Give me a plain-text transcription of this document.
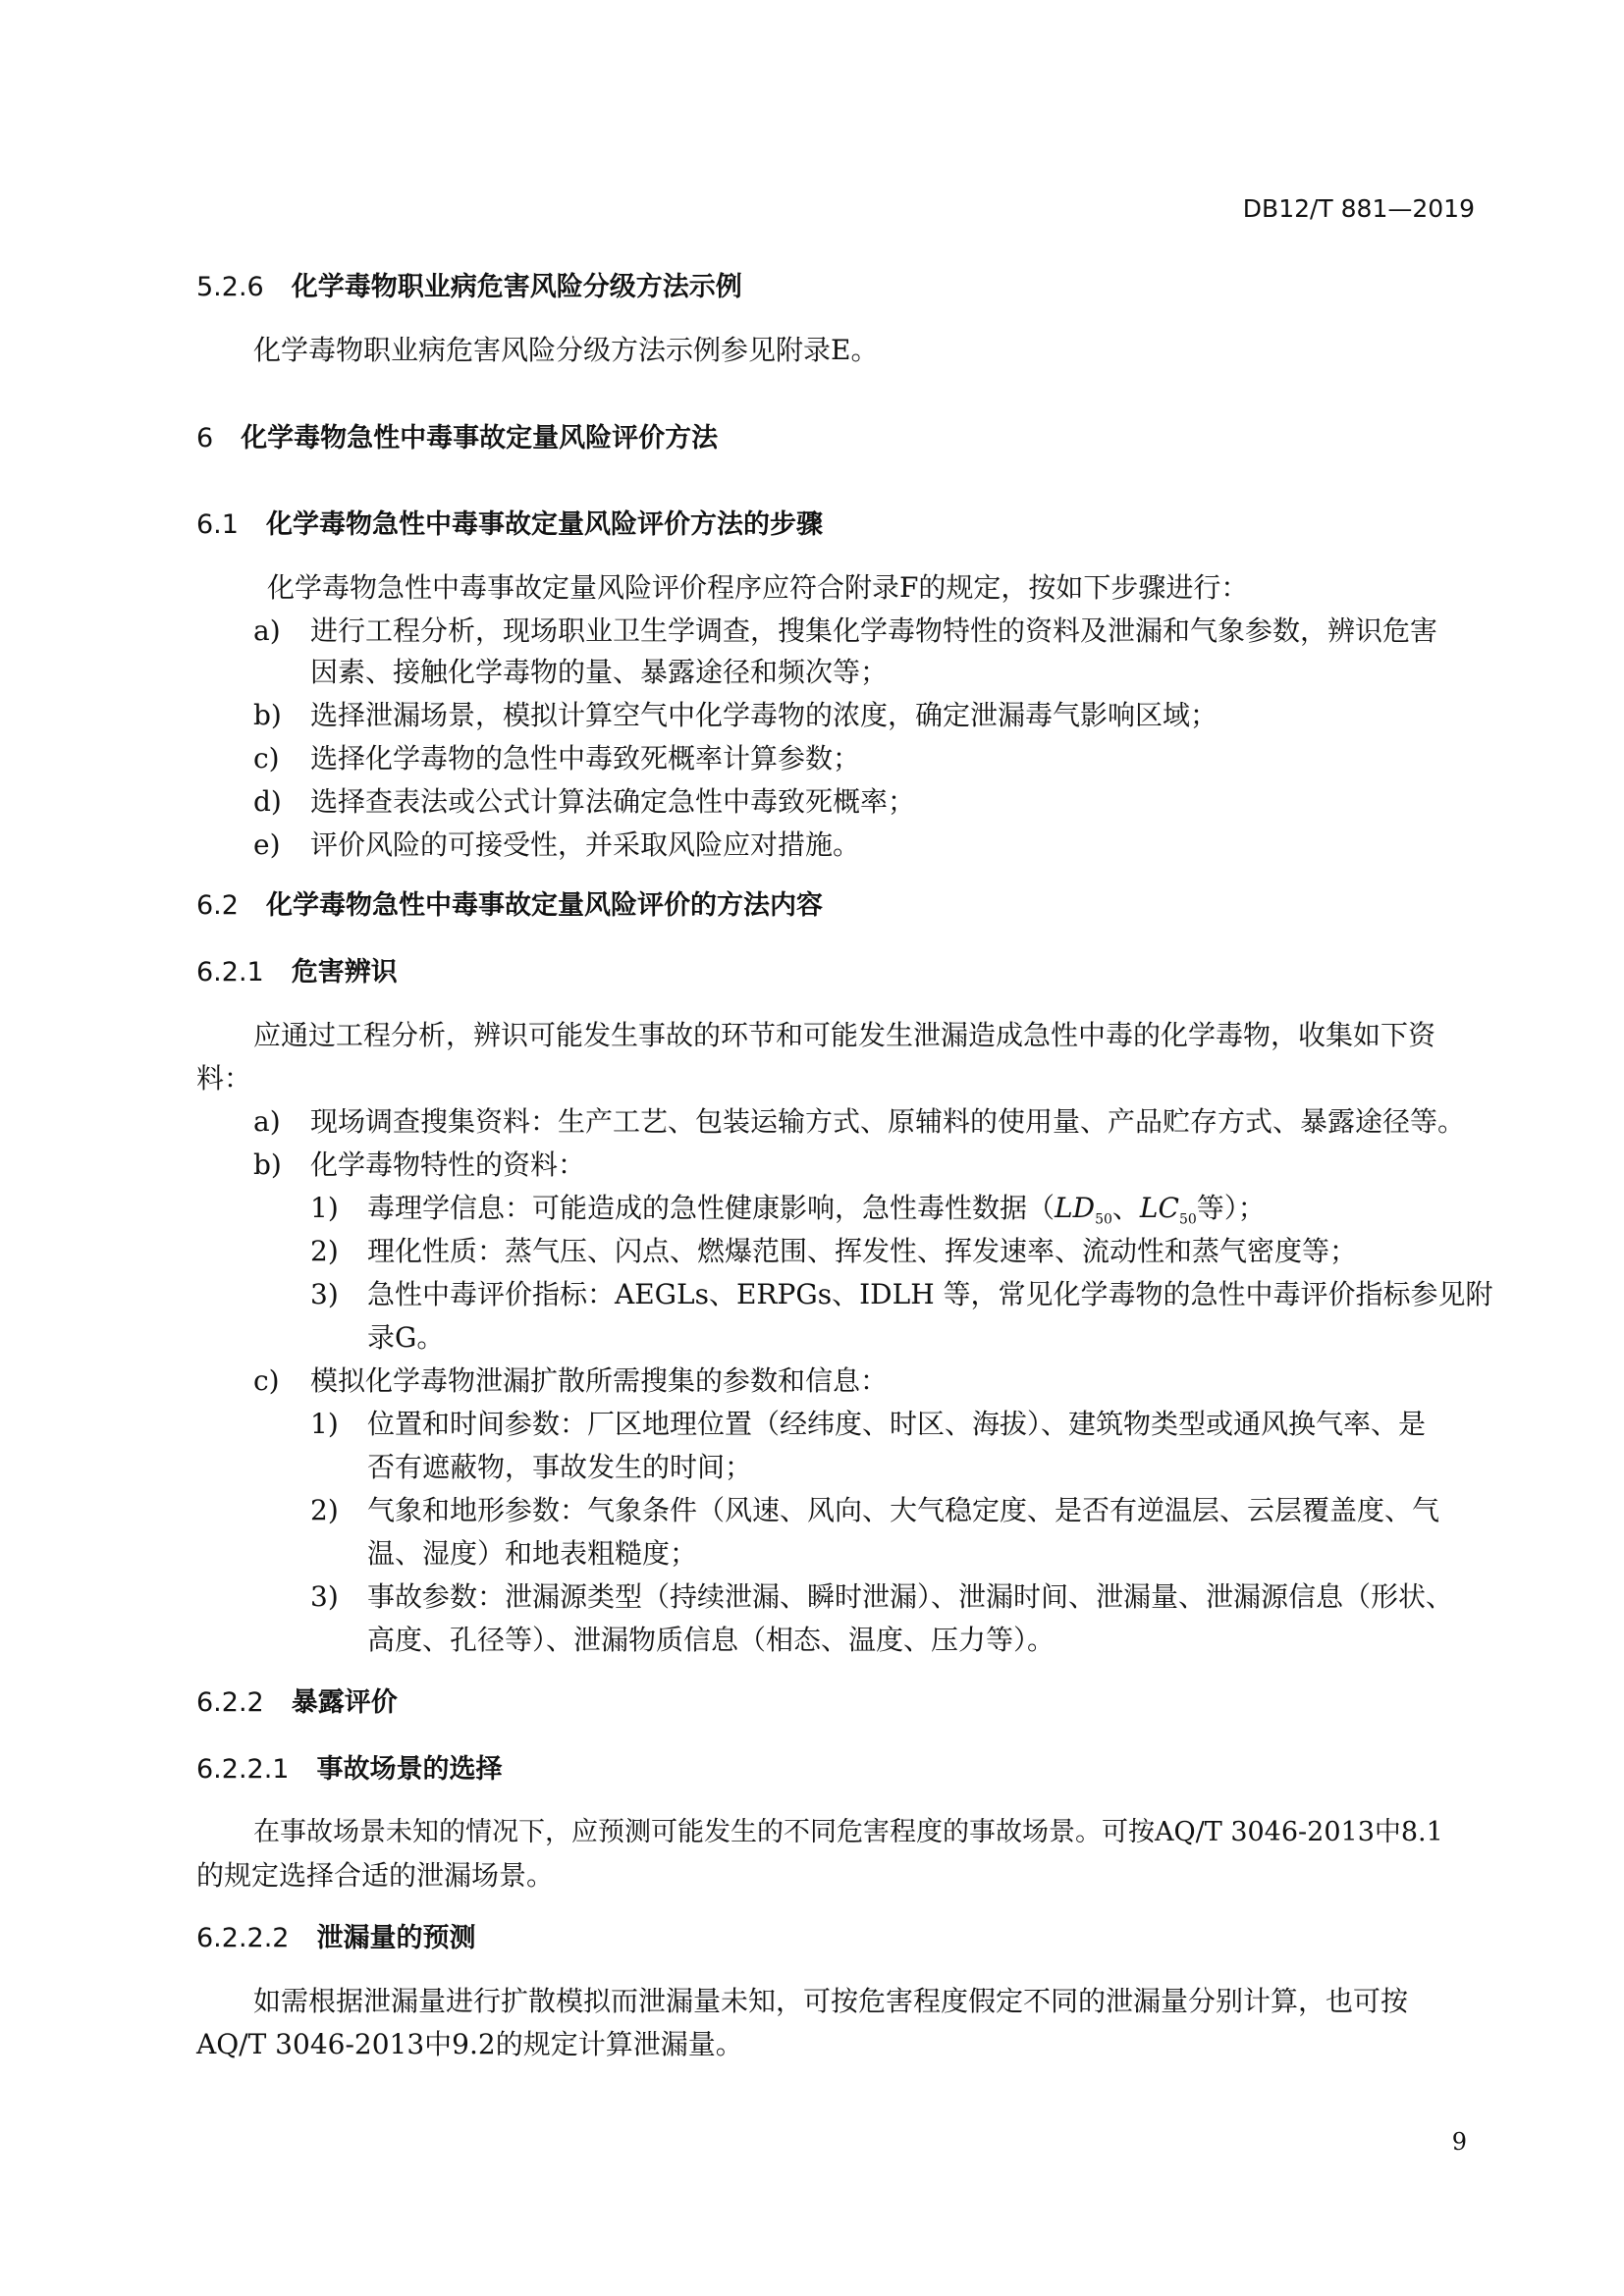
DB12/T 881—2019
5.2.6 化学毒物职业病危害风险分级方法示例
化学毒物职业病危害风险分级方法示例参见附录E。
6 化学毒物急性中毒事故定量风险评价方法
6.1 化学毒物急性中毒事故定量风险评价方法的步骤
化学毒物急性中毒事故定量风险评价程序应符合附录F的规定，按如下步骤进行：
a) 进行工程分析，现场职业卫生学调查，搜集化学毒物特性的资料及泄漏和气象参数，辨识危害
因素、接触化学毒物的量、暴露途径和频次等；
b) 选择泄漏场景，模拟计算空气中化学毒物的浓度，确定泄漏毒气影响区域；
c) 选择化学毒物的急性中毒致死概率计算参数；
d) 选择查表法或公式计算法确定急性中毒致死概率；
e) 评价风险的可接受性，并采取风险应对措施。
6.2 化学毒物急性中毒事故定量风险评价的方法内容
6.2.1 危害辨识
应通过工程分析，辨识可能发生事故的环节和可能发生泄漏造成急性中毒的化学毒物，收集如下资
料：
a) 现场调查搜集资料：生产工艺、包装运输方式、原辅料的使用量、产品贮存方式、暴露途径等。
b) 化学毒物特性的资料：
1) 毒理学信息：可能造成的急性健康影响，急性毒性数据（$LD_{50}$、$LC_{50}$等）；
2) 理化性质：蒸气压、闪点、燃爆范围、挥发性、挥发速率、流动性和蒸气密度等；
3) 急性中毒评价指标：AEGLs、ERPGs、IDLH 等，常见化学毒物的急性中毒评价指标参见附
录G。
c) 模拟化学毒物泄漏扩散所需搜集的参数和信息：
1) 位置和时间参数：厂区地理位置（经纬度、时区、海拔）、建筑物类型或通风换气率、是
否有遮蔽物，事故发生的时间；
2) 气象和地形参数：气象条件（风速、风向、大气稳定度、是否有逆温层、云层覆盖度、气
温、湿度）和地表粗糙度；
3) 事故参数：泄漏源类型（持续泄漏、瞬时泄漏）、泄漏时间、泄漏量、泄漏源信息（形状、
高度、孔径等）、泄漏物质信息（相态、温度、压力等）。
6.2.2 暴露评价
6.2.2.1 事故场景的选择
在事故场景未知的情况下，应预测可能发生的不同危害程度的事故场景。可按AQ/T 3046-2013中8.1
的规定选择合适的泄漏场景。
6.2.2.2 泄漏量的预测
如需根据泄漏量进行扩散模拟而泄漏量未知，可按危害程度假定不同的泄漏量分别计算，也可按
AQ/T 3046-2013中9.2的规定计算泄漏量。
9
